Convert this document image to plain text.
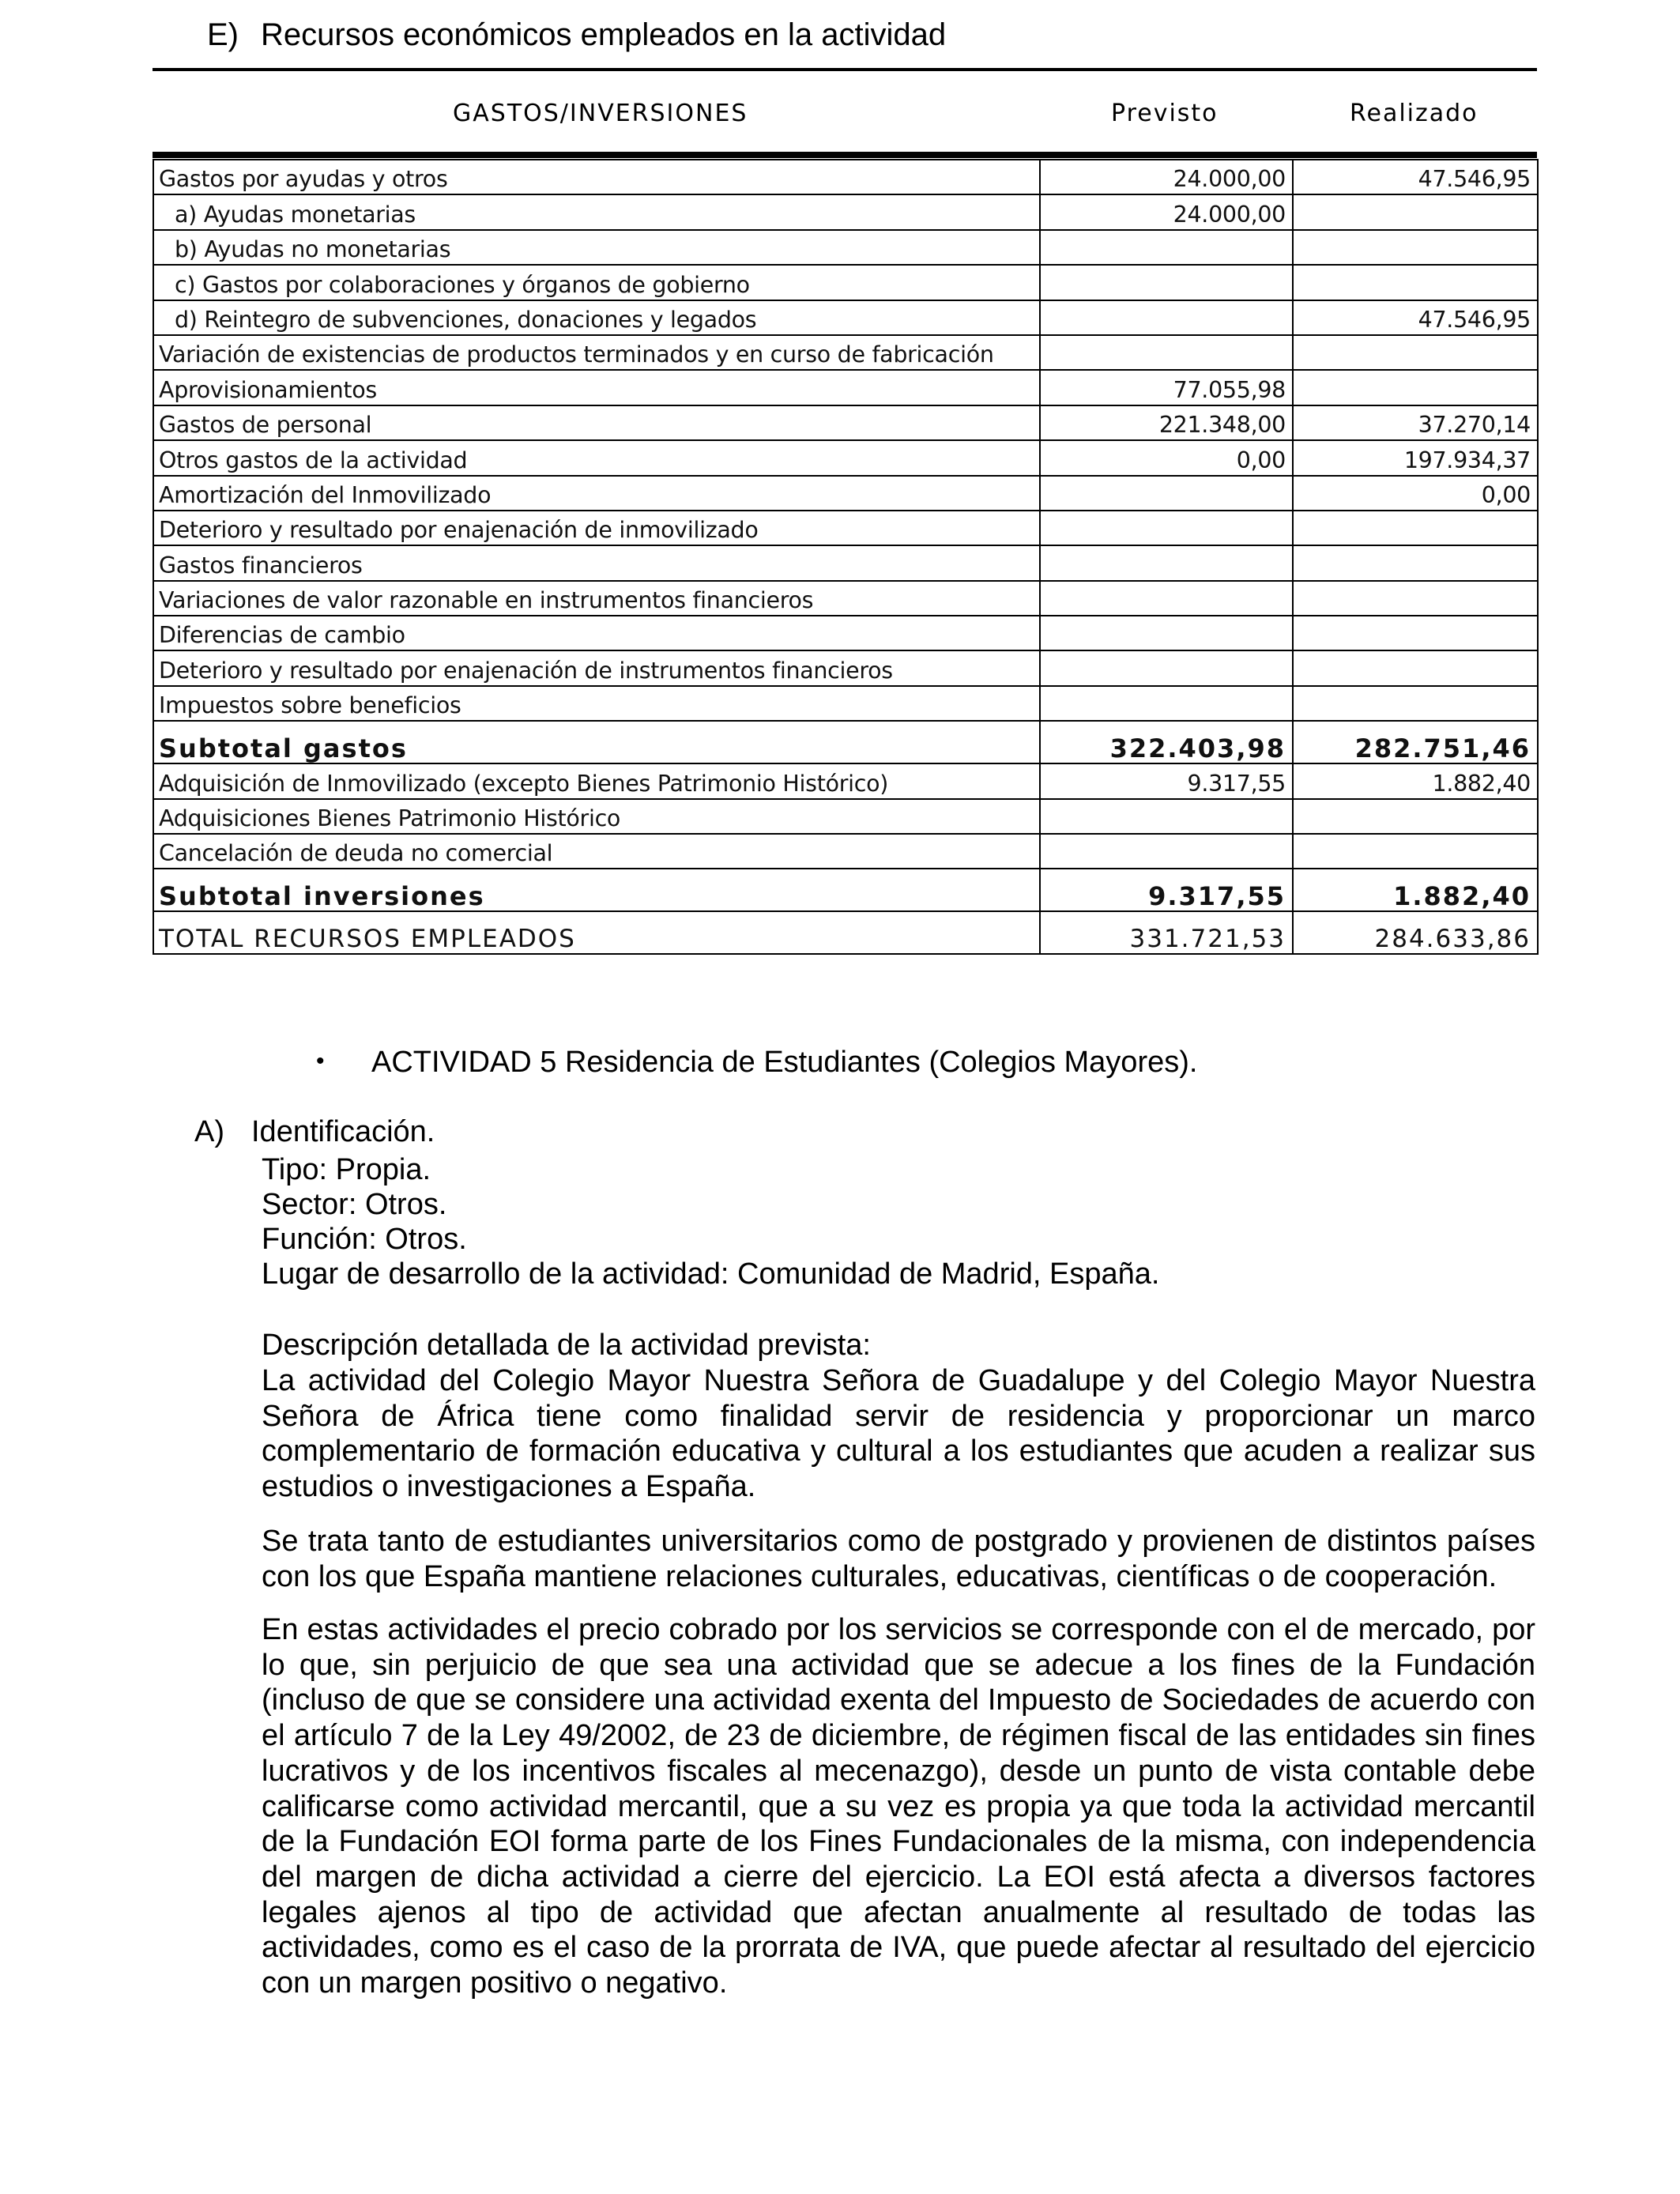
E) Recursos económicos empleados en la actividad
GASTOS/INVERSIONES	Previsto	Realizado
Gastos por ayudas y otros	24.000,00	47.546,95
a) Ayudas monetarias	24.000,00	
b) Ayudas no monetarias		
c) Gastos por colaboraciones y órganos de gobierno		
d) Reintegro de subvenciones, donaciones y legados		47.546,95
Variación de existencias de productos terminados y en curso de fabricación		
Aprovisionamientos	77.055,98	
Gastos de personal	221.348,00	37.270,14
Otros gastos de la actividad	0,00	197.934,37
Amortización del Inmovilizado		0,00
Deterioro y resultado por enajenación de inmovilizado		
Gastos financieros		
Variaciones de valor razonable en instrumentos financieros		
Diferencias de cambio		
Deterioro y resultado por enajenación de instrumentos financieros		
Impuestos sobre beneficios		
Subtotal gastos	322.403,98	282.751,46
Adquisición de Inmovilizado (excepto Bienes Patrimonio Histórico)	9.317,55	1.882,40
Adquisiciones Bienes Patrimonio Histórico		
Cancelación de deuda no comercial		
Subtotal inversiones	9.317,55	1.882,40
TOTAL RECURSOS EMPLEADOS	331.721,53	284.633,86
• ACTIVIDAD 5 Residencia de Estudiantes (Colegios Mayores).
A) Identificación.
Tipo: Propia.
Sector: Otros.
Función: Otros.
Lugar de desarrollo de la actividad: Comunidad de Madrid, España.
Descripción detallada de la actividad prevista:

La actividad del Colegio Mayor Nuestra Señora de Guadalupe y del Colegio Mayor Nuestra Señora de África tiene como finalidad servir de residencia y proporcionar un marco complementario de formación educativa y cultural a los estudiantes que acuden a realizar sus estudios o investigaciones a España.

Se trata tanto de estudiantes universitarios como de postgrado y provienen de distintos países con los que España mantiene relaciones culturales, educativas, científicas o de cooperación.

En estas actividades el precio cobrado por los servicios se corresponde con el de mercado, por lo que, sin perjuicio de que sea una actividad que se adecue a los fines de la Fundación (incluso de que se considere una actividad exenta del Impuesto de Sociedades de acuerdo con el artículo 7 de la Ley 49/2002, de 23 de diciembre, de régimen fiscal de las entidades sin fines lucrativos y de los incentivos fiscales al mecenazgo), desde un punto de vista contable debe calificarse como actividad mercantil, que a su vez es propia ya que toda la actividad mercantil de la Fundación EOI forma parte de los Fines Fundacionales de la misma, con independencia del margen de dicha actividad a cierre del ejercicio. La EOI está afecta a diversos factores legales ajenos al tipo de actividad que afectan anualmente al resultado de todas las actividades, como es el caso de la prorrata de IVA, que puede afectar al resultado del ejercicio con un margen positivo o negativo.
